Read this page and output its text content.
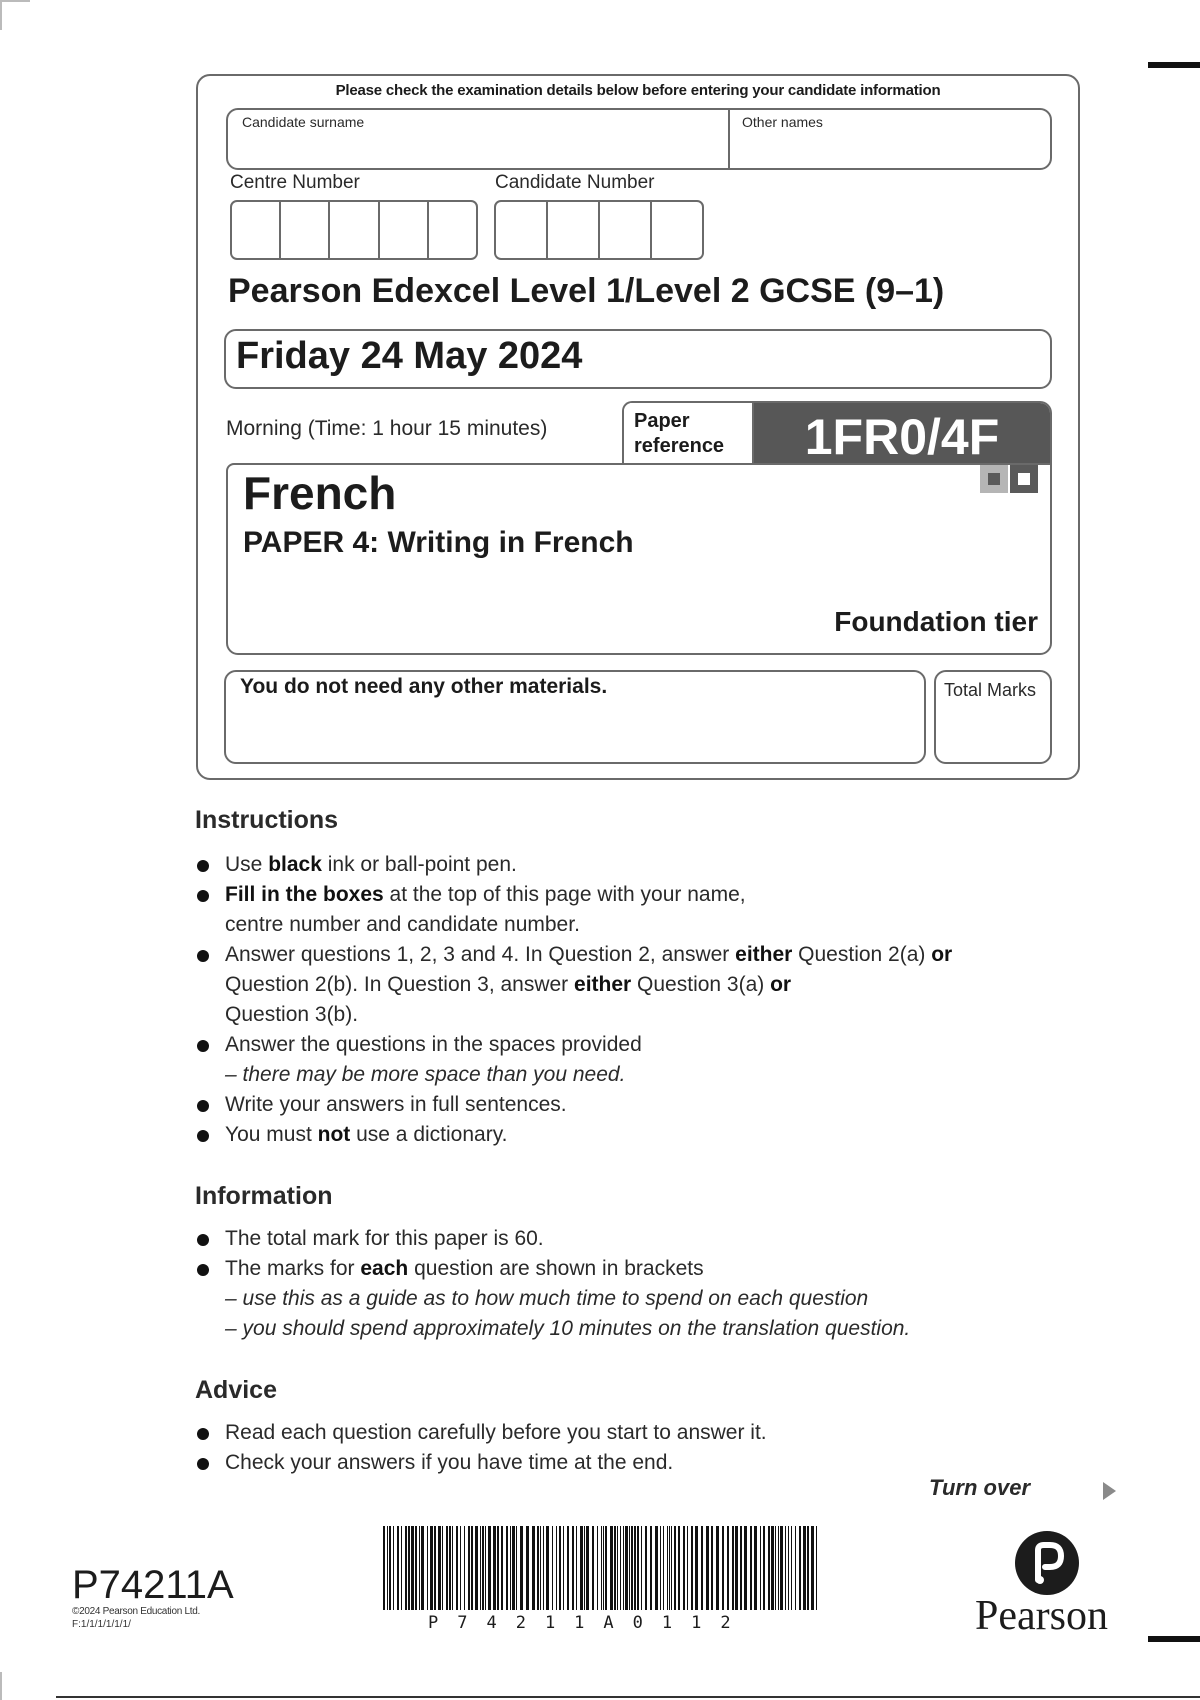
Please check the examination details below before entering your candidate information
Candidate surname	Other names
Centre Number	Candidate Number
Pearson Edexcel Level 1/Level 2 GCSE (9–1)
Friday 24 May 2024
Morning (Time: 1 hour 15 minutes)	Paper
reference	1FR0/4F
French
PAPER 4: Writing in French
Foundation tier
You do not need any other materials.	Total Marks
Instructions
Use black ink or ball-point pen.
Fill in the boxes at the top of this page with your name,
centre number and candidate number.
Answer questions 1, 2, 3 and 4. In Question 2, answer either Question 2(a) or
Question 2(b). In Question 3, answer either Question 3(a) or
Question 3(b).
Answer the questions in the spaces provided
– there may be more space than you need.
Write your answers in full sentences.
You must not use a dictionary.
Information
The total mark for this paper is 60.
The marks for each question are shown in brackets
– use this as a guide as to how much time to spend on each question
– you should spend approximately 10 minutes on the translation question.
Advice
Read each question carefully before you start to answer it.
Check your answers if you have time at the end.
Turn over
P74211A
©2024 Pearson Education Ltd.
F:1/1/1/1/1/1/	P74211A0112	Pearson
